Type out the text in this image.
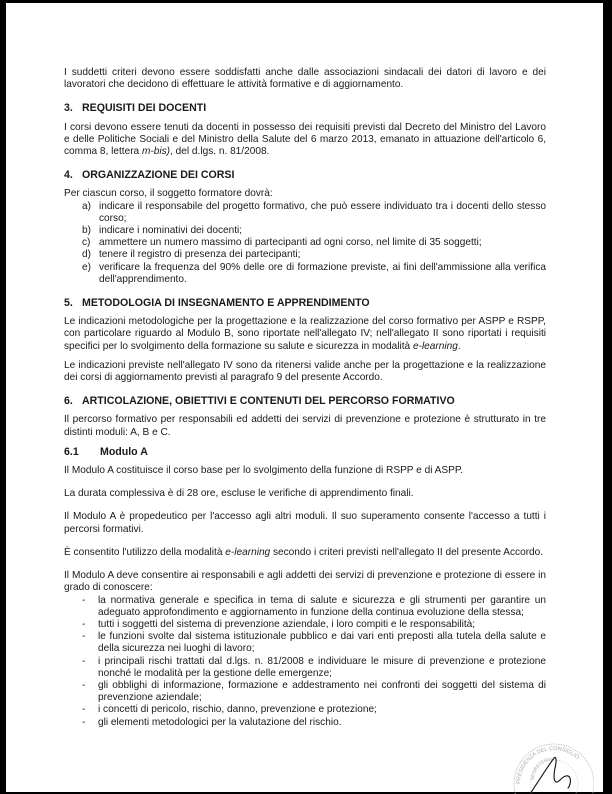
I suddetti criteri devono essere soddisfatti anche dalle associazioni sindacali dei datori di lavoro e dei lavoratori che decidono di effettuare le attività formative e di aggiornamento.

3. REQUISITI DEI DOCENTI

I corsi devono essere tenuti da docenti in possesso dei requisiti previsti dal Decreto del Ministro del Lavoro e delle Politiche Sociali e del Ministro della Salute del 6 marzo 2013, emanato in attuazione dell'articolo 6, comma 8, lettera m-bis), del d.lgs. n. 81/2008.

4. ORGANIZZAZIONE DEI CORSI

Per ciascun corso, il soggetto formatore dovrà:

a) indicare il responsabile del progetto formativo, che può essere individuato tra i docenti dello stesso corso;
b) indicare i nominativi dei docenti;
c) ammettere un numero massimo di partecipanti ad ogni corso, nel limite di 35 soggetti;
d) tenere il registro di presenza dei partecipanti;
e) verificare la frequenza del 90% delle ore di formazione previste, ai fini dell'ammissione alla verifica dell'apprendimento.
5. METODOLOGIA DI INSEGNAMENTO E APPRENDIMENTO

Le indicazioni metodologiche per la progettazione e la realizzazione del corso formativo per ASPP e RSPP, con particolare riguardo al Modulo B, sono riportate nell'allegato IV; nell'allegato II sono riportati i requisiti specifici per lo svolgimento della formazione su salute e sicurezza in modalità e-learning.

Le indicazioni previste nell'allegato IV sono da ritenersi valide anche per la progettazione e la realizzazione dei corsi di aggiornamento previsti al paragrafo 9 del presente Accordo.

6. ARTICOLAZIONE, OBIETTIVI E CONTENUTI DEL PERCORSO FORMATIVO

Il percorso formativo per responsabili ed addetti dei servizi di prevenzione e protezione è strutturato in tre distinti moduli: A, B e C.

6.1 Modulo A

Il Modulo A costituisce il corso base per lo svolgimento della funzione di RSPP e di ASPP.

La durata complessiva è di 28 ore, escluse le verifiche di apprendimento finali.

Il Modulo A è propedeutico per l'accesso agli altri moduli. Il suo superamento consente l'accesso a tutti i percorsi formativi.

È consentito l'utilizzo della modalità e-learning secondo i criteri previsti nell'allegato II del presente Accordo.

Il Modulo A deve consentire ai responsabili e agli addetti dei servizi di prevenzione e protezione di essere in grado di conoscere:

- la normativa generale e specifica in tema di salute e sicurezza e gli strumenti per garantire un adeguato approfondimento e aggiornamento in funzione della continua evoluzione della stessa;
- tutti i soggetti del sistema di prevenzione aziendale, i loro compiti e le responsabilità;
- le funzioni svolte dal sistema istituzionale pubblico e dai vari enti preposti alla tutela della salute e della sicurezza nei luoghi di lavoro;
- i principali rischi trattati dal d.lgs. n. 81/2008 e individuare le misure di prevenzione e protezione nonché le modalità per la gestione delle emergenze;
- gli obblighi di informazione, formazione e addestramento nei confronti dei soggetti del sistema di prevenzione aziendale;
- i concetti di pericolo, rischio, danno, prevenzione e protezione;
- gli elementi metodologici per la valutazione del rischio.
PRESIDENZA DEL CONSIGLIO
SEGRETERIA
